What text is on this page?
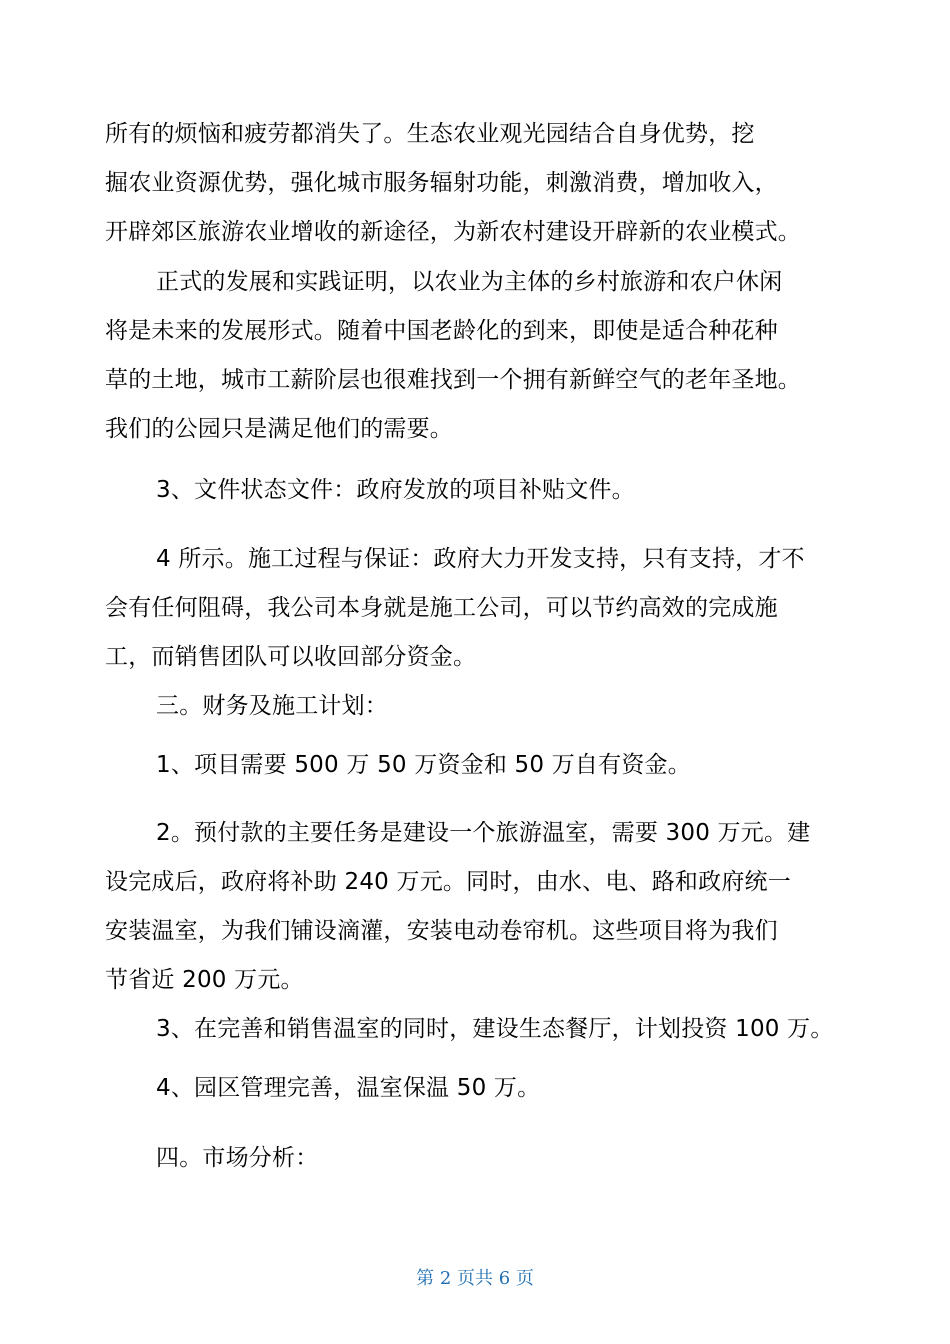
所有的烦恼和疲劳都消失了。生态农业观光园结合自身优势，挖
掘农业资源优势，强化城市服务辐射功能，刺激消费，增加收入，
开辟郊区旅游农业增收的新途径，为新农村建设开辟新的农业模式。
正式的发展和实践证明，以农业为主体的乡村旅游和农户休闲
将是未来的发展形式。随着中国老龄化的到来，即使是适合种花种
草的土地，城市工薪阶层也很难找到一个拥有新鲜空气的老年圣地。
我们的公园只是满足他们的需要。
3、文件状态文件：政府发放的项目补贴文件。
4 所示。施工过程与保证：政府大力开发支持，只有支持，才不
会有任何阻碍，我公司本身就是施工公司，可以节约高效的完成施
工，而销售团队可以收回部分资金。
三。财务及施工计划：
1、项目需要 500 万 50 万资金和 50 万自有资金。
2。预付款的主要任务是建设一个旅游温室，需要 300 万元。建
设完成后，政府将补助 240 万元。同时，由水、电、路和政府统一
安装温室，为我们铺设滴灌，安装电动卷帘机。这些项目将为我们
节省近 200 万元。
3、在完善和销售温室的同时，建设生态餐厅，计划投资 100 万。
4、园区管理完善，温室保温 50 万。
四。市场分析：
第 2 页共 6 页
